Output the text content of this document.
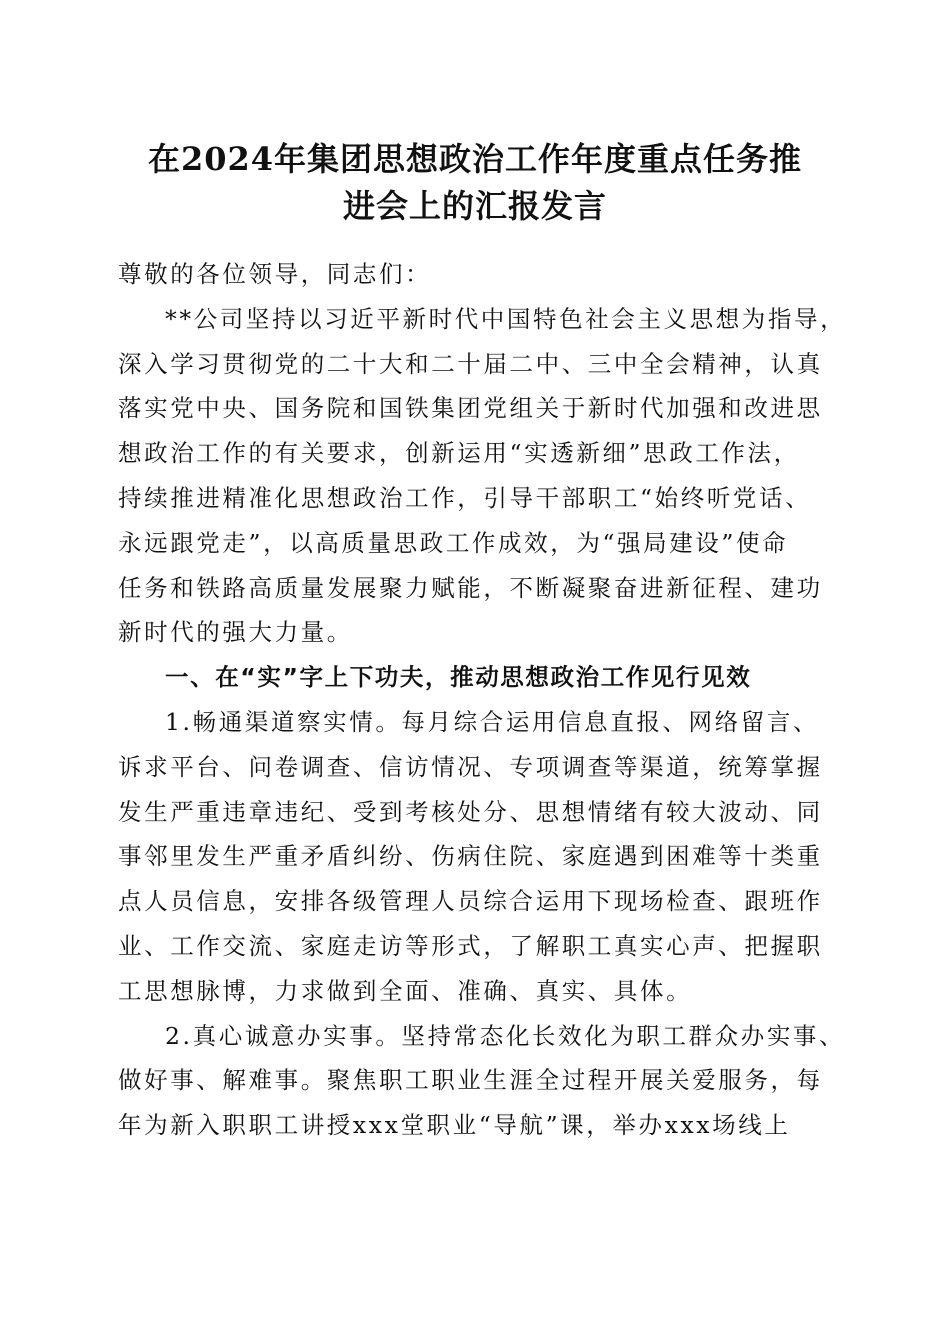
在2024年集团思想政治工作年度重点任务推
进会上的汇报发言

尊敬的各位领导，同志们：

**公司坚持以习近平新时代中国特色社会主义思想为指导，
深入学习贯彻党的二十大和二十届二中、三中全会精神，认真
落实党中央、国务院和国铁集团党组关于新时代加强和改进思
想政治工作的有关要求，创新运用“实透新细”思政工作法，
持续推进精准化思想政治工作，引导干部职工“始终听党话、
永远跟党走”，以高质量思政工作成效，为“强局建设”使命
任务和铁路高质量发展聚力赋能，不断凝聚奋进新征程、建功
新时代的强大力量。

一、在“实”字上下功夫，推动思想政治工作见行见效

1.畅通渠道察实情。每月综合运用信息直报、网络留言、
诉求平台、问卷调查、信访情况、专项调查等渠道，统筹掌握
发生严重违章违纪、受到考核处分、思想情绪有较大波动、同
事邻里发生严重矛盾纠纷、伤病住院、家庭遇到困难等十类重
点人员信息，安排各级管理人员综合运用下现场检查、跟班作
业、工作交流、家庭走访等形式，了解职工真实心声、把握职
工思想脉博，力求做到全面、准确、真实、具体。

2.真心诚意办实事。坚持常态化长效化为职工群众办实事、
做好事、解难事。聚焦职工职业生涯全过程开展关爱服务，每
年为新入职职工讲授xxx堂职业“导航”课，举办xxx场线上
